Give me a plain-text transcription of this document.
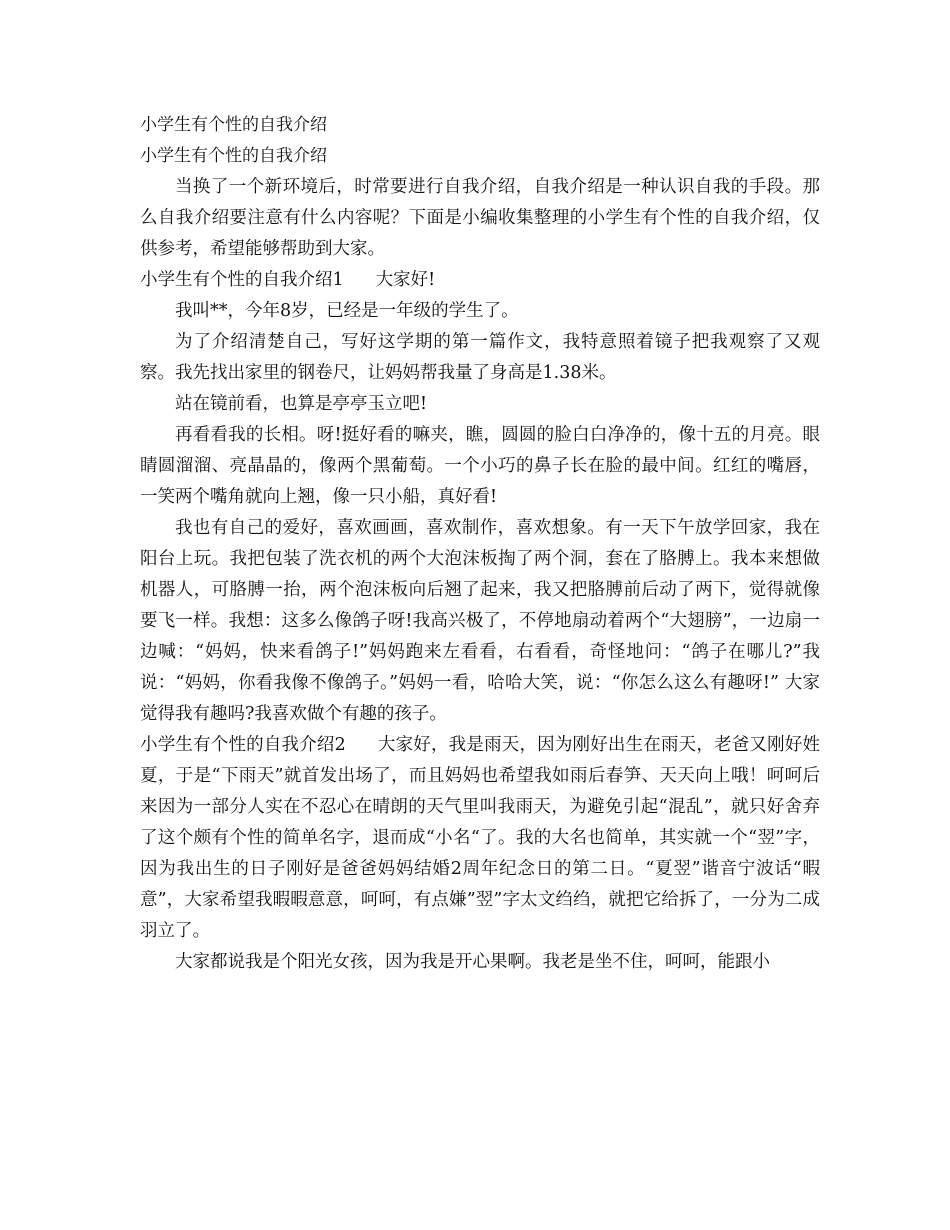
小学生有个性的自我介绍
小学生有个性的自我介绍

当换了一个新环境后，时常要进行自我介绍，自我介绍是一种认识自我的手段。那么自我介绍要注意有什么内容呢？下面是小编收集整理的小学生有个性的自我介绍，仅供参考，希望能够帮助到大家。

小学生有个性的自我介绍1 大家好!

我叫**，今年8岁，已经是一年级的学生了。

为了介绍清楚自己，写好这学期的第一篇作文，我特意照着镜子把我观察了又观察。我先找出家里的钢卷尺，让妈妈帮我量了身高是1.38米。

站在镜前看，也算是亭亭玉立吧!

再看看我的长相。呀!挺好看的嘛夹，瞧，圆圆的脸白白净净的，像十五的月亮。眼睛圆溜溜、亮晶晶的，像两个黑葡萄。一个小巧的鼻子长在脸的最中间。红红的嘴唇，一笑两个嘴角就向上翘，像一只小船，真好看!

我也有自己的爱好，喜欢画画，喜欢制作，喜欢想象。有一天下午放学回家，我在阳台上玩。我把包装了洗衣机的两个大泡沫板掏了两个洞，套在了胳膊上。我本来想做机器人，可胳膊一抬，两个泡沫板向后翘了起来，我又把胳膊前后动了两下，觉得就像要飞一样。我想：这多么像鸽子呀!我高兴极了，不停地扇动着两个“大翅膀”，一边扇一边喊：“妈妈，快来看鸽子!”妈妈跑来左看看，右看看，奇怪地问：“鸽子在哪儿?”我说：“妈妈，你看我像不像鸽子。”妈妈一看，哈哈大笑，说：“你怎么这么有趣呀!” 大家觉得我有趣吗?我喜欢做个有趣的孩子。

小学生有个性的自我介绍2 大家好，我是雨天，因为刚好出生在雨天，老爸又刚好姓夏，于是“下雨天”就首发出场了，而且妈妈也希望我如雨后春笋、天天向上哦！呵呵后来因为一部分人实在不忍心在晴朗的天气里叫我雨天，为避免引起“混乱”，就只好舍弃了这个颇有个性的简单名字，退而成“小名“了。我的大名也简单，其实就一个“翌”字，因为我出生的日子刚好是爸爸妈妈结婚2周年纪念日的第二日。“夏翌”谐音宁波话“暇意”，大家希望我暇暇意意，呵呵，有点嫌”翌”字太文绉绉，就把它给拆了，一分为二成羽立了。

大家都说我是个阳光女孩，因为我是开心果啊。我老是坐不住，呵呵，能跟小
